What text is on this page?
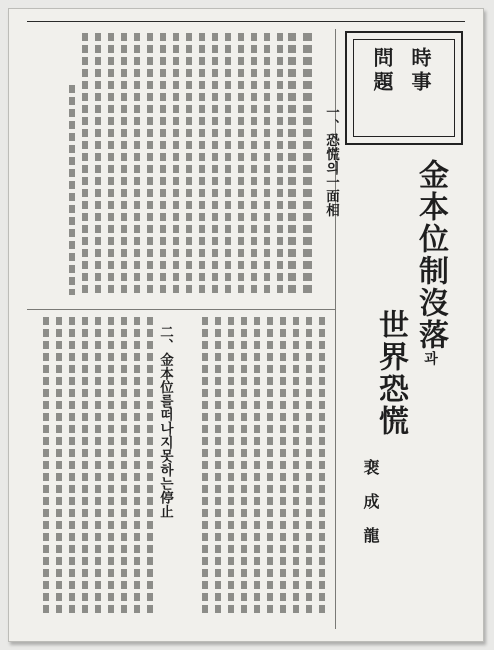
時事
問題
金本位制沒落과
世界恐慌
裵成龍
一、恐慌의一面相
二、金本位를떠나지못하는停止
